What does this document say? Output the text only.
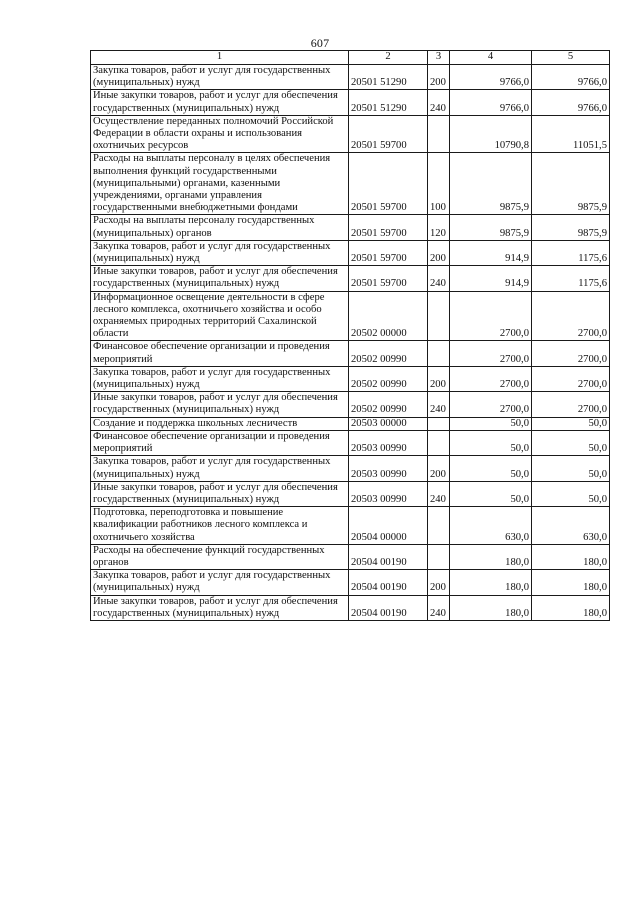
607
1	2	3	4	5
Закупка товаров, работ и услуг для государственных (муниципальных) нужд	20501 51290	200	9766,0	9766,0
Иные закупки товаров, работ и услуг для обеспечения государственных (муниципальных) нужд	20501 51290	240	9766,0	9766,0
Осуществление переданных полномочий Российской Федерации в области охраны и использования охотничьих ресурсов	20501 59700		10790,8	11051,5
Расходы на выплаты персоналу в целях обеспечения выполнения функций государственными (муниципальными) органами, казенными учреждениями, органами управления государственными внебюджетными фондами	20501 59700	100	9875,9	9875,9
Расходы на выплаты персоналу государственных (муниципальных) органов	20501 59700	120	9875,9	9875,9
Закупка товаров, работ и услуг для государственных (муниципальных) нужд	20501 59700	200	914,9	1175,6
Иные закупки товаров, работ и услуг для обеспечения государственных (муниципальных) нужд	20501 59700	240	914,9	1175,6
Информационное освещение деятельности в сфере лесного комплекса, охотничьего хозяйства и особо охраняемых природных территорий Сахалинской области	20502 00000		2700,0	2700,0
Финансовое обеспечение организации и проведения мероприятий	20502 00990		2700,0	2700,0
Закупка товаров, работ и услуг для государственных (муниципальных) нужд	20502 00990	200	2700,0	2700,0
Иные закупки товаров, работ и услуг для обеспечения государственных (муниципальных) нужд	20502 00990	240	2700,0	2700,0
Создание и поддержка школьных лесничеств	20503 00000		50,0	50,0
Финансовое обеспечение организации и проведения мероприятий	20503 00990		50,0	50,0
Закупка товаров, работ и услуг для государственных (муниципальных) нужд	20503 00990	200	50,0	50,0
Иные закупки товаров, работ и услуг для обеспечения государственных (муниципальных) нужд	20503 00990	240	50,0	50,0
Подготовка, переподготовка и повышение квалификации работников лесного комплекса и охотничьего хозяйства	20504 00000		630,0	630,0
Расходы на обеспечение функций государственных органов	20504 00190		180,0	180,0
Закупка товаров, работ и услуг для государственных (муниципальных) нужд	20504 00190	200	180,0	180,0
Иные закупки товаров, работ и услуг для обеспечения государственных (муниципальных) нужд	20504 00190	240	180,0	180,0
